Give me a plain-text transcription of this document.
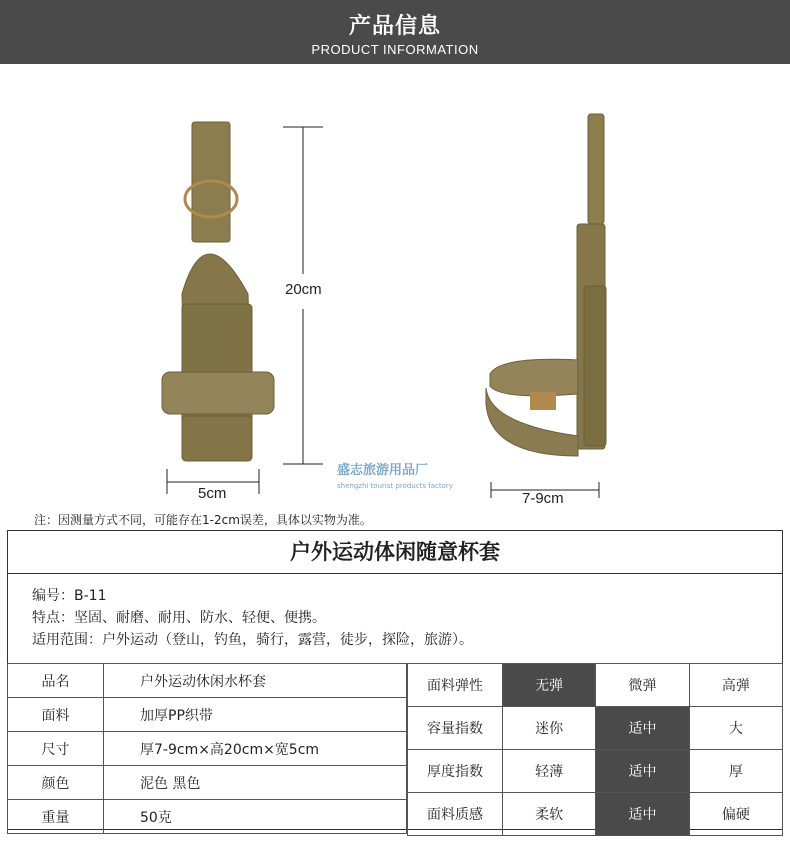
产品信息
PRODUCT INFORMATION
20cm
5cm	7-9cm
盛志旅游用品厂
shengzhi tourist products factory
注：因测量方式不同，可能存在1-2cm误差，具体以实物为准。
户外运动体闲随意杯套
编号：B-11
特点：坚固、耐磨、耐用、防水、轻便、便携。
适用范围：户外运动（登山，钓鱼，骑行，露营，徒步，探险，旅游）。
品名	户外运动休闲水杯套
面料	加厚PP织带
尺寸	厚7-9cm×高20cm×宽5cm
颜色	泥色 黑色
重量	50克
面料弹性	无弹	微弹	高弹
容量指数	迷你	适中	大
厚度指数	轻薄	适中	厚
面料质感	柔软	适中	偏硬
